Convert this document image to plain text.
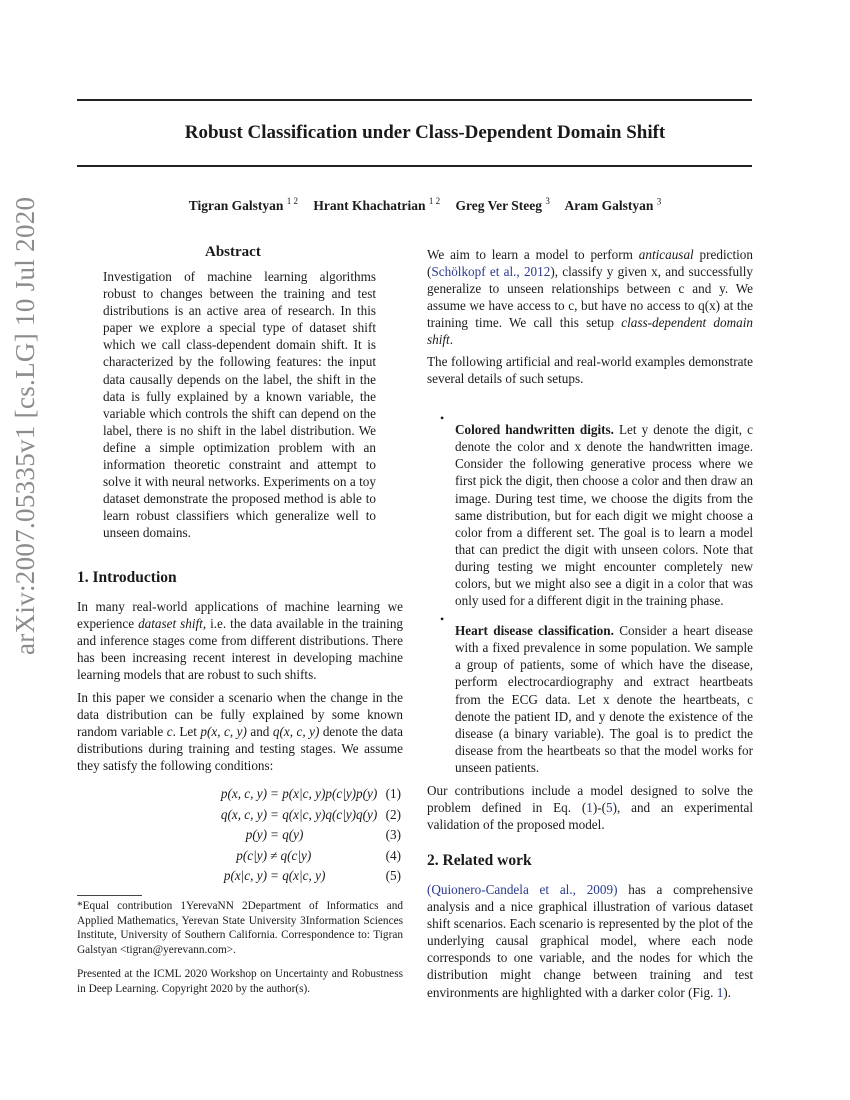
arXiv:2007.05335v1 [cs.LG] 10 Jul 2020
Robust Classification under Class-Dependent Domain Shift
Tigran Galstyan $^{1 2}$ Hrant Khachatrian $^{1 2}$ Greg Ver Steeg $^3$ Aram Galstyan $^3$
Abstract

Investigation of machine learning algorithms robust to changes between the training and test distributions is an active area of research. In this paper we explore a special type of dataset shift which we call class-dependent domain shift. It is characterized by the following features: the input data causally depends on the label, the shift in the data is fully explained by a known variable, the variable which controls the shift can depend on the label, there is no shift in the label distribution. We define a simple optimization problem with an information theoretic constraint and attempt to solve it with neural networks. Experiments on a toy dataset demonstrate the proposed method is able to learn robust classifiers which generalize well to unseen domains.

1. Introduction

In many real-world applications of machine learning we experience dataset shift, i.e. the data available in the training and inference stages come from different distributions. There has been increasing recent interest in developing machine learning models that are robust to such shifts.

In this paper we consider a scenario when the change in the data distribution can be fully explained by some known random variable c. Let p(x, c, y) and q(x, c, y) denote the data distributions during training and testing stages. We assume they satisfy the following conditions:

p(x, c, y) = p(x|c, y)p(c|y)p(y) (1)
q(x, c, y) = q(x|c, y)q(c|y)q(y) (2)
p(y) = q(y)	(3)
p(c|y) ≠ q(c|y)	(4)
p(x|c, y) = q(x|c, y)	(5)
*Equal contribution 1YerevaNN 2Department of Informatics and Applied Mathematics, Yerevan State University 3Information Sciences Institute, University of Southern California. Correspondence to: Tigran Galstyan <tigran@yerevann.com>.
Presented at the ICML 2020 Workshop on Uncertainty and Robustness in Deep Learning. Copyright 2020 by the author(s).

We aim to learn a model to perform anticausal prediction (Schölkopf et al., 2012), classify y given x, and successfully generalize to unseen relationships between c and y. We assume we have access to c, but have no access to q(x) at the training time. We call this setup class-dependent domain shift.

The following artificial and real-world examples demonstrate several details of such setups.

•

Colored handwritten digits. Let y denote the digit, c denote the color and x denote the handwritten image. Consider the following generative process where we first pick the digit, then choose a color and then draw an image. During test time, we choose the digits from the same distribution, but for each digit we might choose a color from a different set. The goal is to learn a model that can predict the digit with unseen colors. Note that during testing we might encounter completely new colors, but we might also see a digit in a color that was only used for a different digit in the training phase.

•

Heart disease classification. Consider a heart disease with a fixed prevalence in some population. We sample a group of patients, some of which have the disease, perform electrocardiography and extract heartbeats from the ECG data. Let x denote the heartbeats, c denote the patient ID, and y denote the existence of the disease (a binary variable). The goal is to predict the disease from the heartbeats so that the model works for unseen patients.

Our contributions include a model designed to solve the problem defined in Eq. (1)-(5), and an experimental validation of the proposed model.

2. Related work

(Quionero-Candela et al., 2009) has a comprehensive analysis and a nice graphical illustration of various dataset shift scenarios. Each scenario is represented by the plot of the underlying causal graphical model, where each node corresponds to one variable, and the nodes for which the distribution might change between training and test environments are highlighted with a darker color (Fig. 1).
